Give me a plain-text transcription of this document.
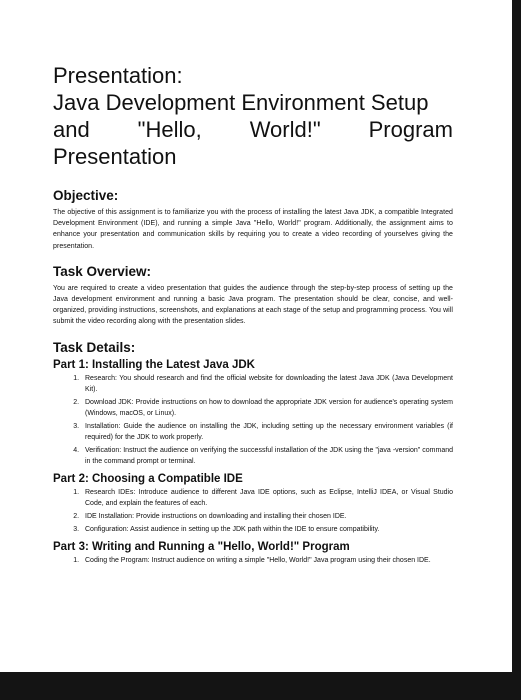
Presentation:
Java Development Environment Setup
and "Hello, World!" Program
Presentation
Objective:

The objective of this assignment is to familiarize you with the process of installing the latest Java JDK, a compatible Integrated Development Environment (IDE), and running a simple Java "Hello, World!" program. Additionally, the assignment aims to enhance your presentation and communication skills by requiring you to create a video recording of yourselves giving the presentation.

Task Overview:

You are required to create a video presentation that guides the audience through the step-by-step process of setting up the Java development environment and running a basic Java program. The presentation should be clear, concise, and well-organized, providing instructions, screenshots, and explanations at each stage of the setup and programming process. You will submit the video recording along with the presentation slides.

Task Details:
Part 1: Installing the Latest Java JDK
1. Research: You should research and find the official website for downloading the latest Java JDK (Java Development Kit).
2. Download JDK: Provide instructions on how to download the appropriate JDK version for audience's operating system (Windows, macOS, or Linux).
3. Installation: Guide the audience on installing the JDK, including setting up the necessary environment variables (if required) for the JDK to work properly.
4. Verification: Instruct the audience on verifying the successful installation of the JDK using the "java -version" command in the command prompt or terminal.
Part 2: Choosing a Compatible IDE
1. Research IDEs: Introduce audience to different Java IDE options, such as Eclipse, IntelliJ IDEA, or Visual Studio Code, and explain the features of each.
2. IDE Installation: Provide instructions on downloading and installing their chosen IDE.
3. Configuration: Assist audience in setting up the JDK path within the IDE to ensure compatibility.
Part 3: Writing and Running a "Hello, World!" Program
1. Coding the Program: Instruct audience on writing a simple "Hello, World!" Java program using their chosen IDE.
